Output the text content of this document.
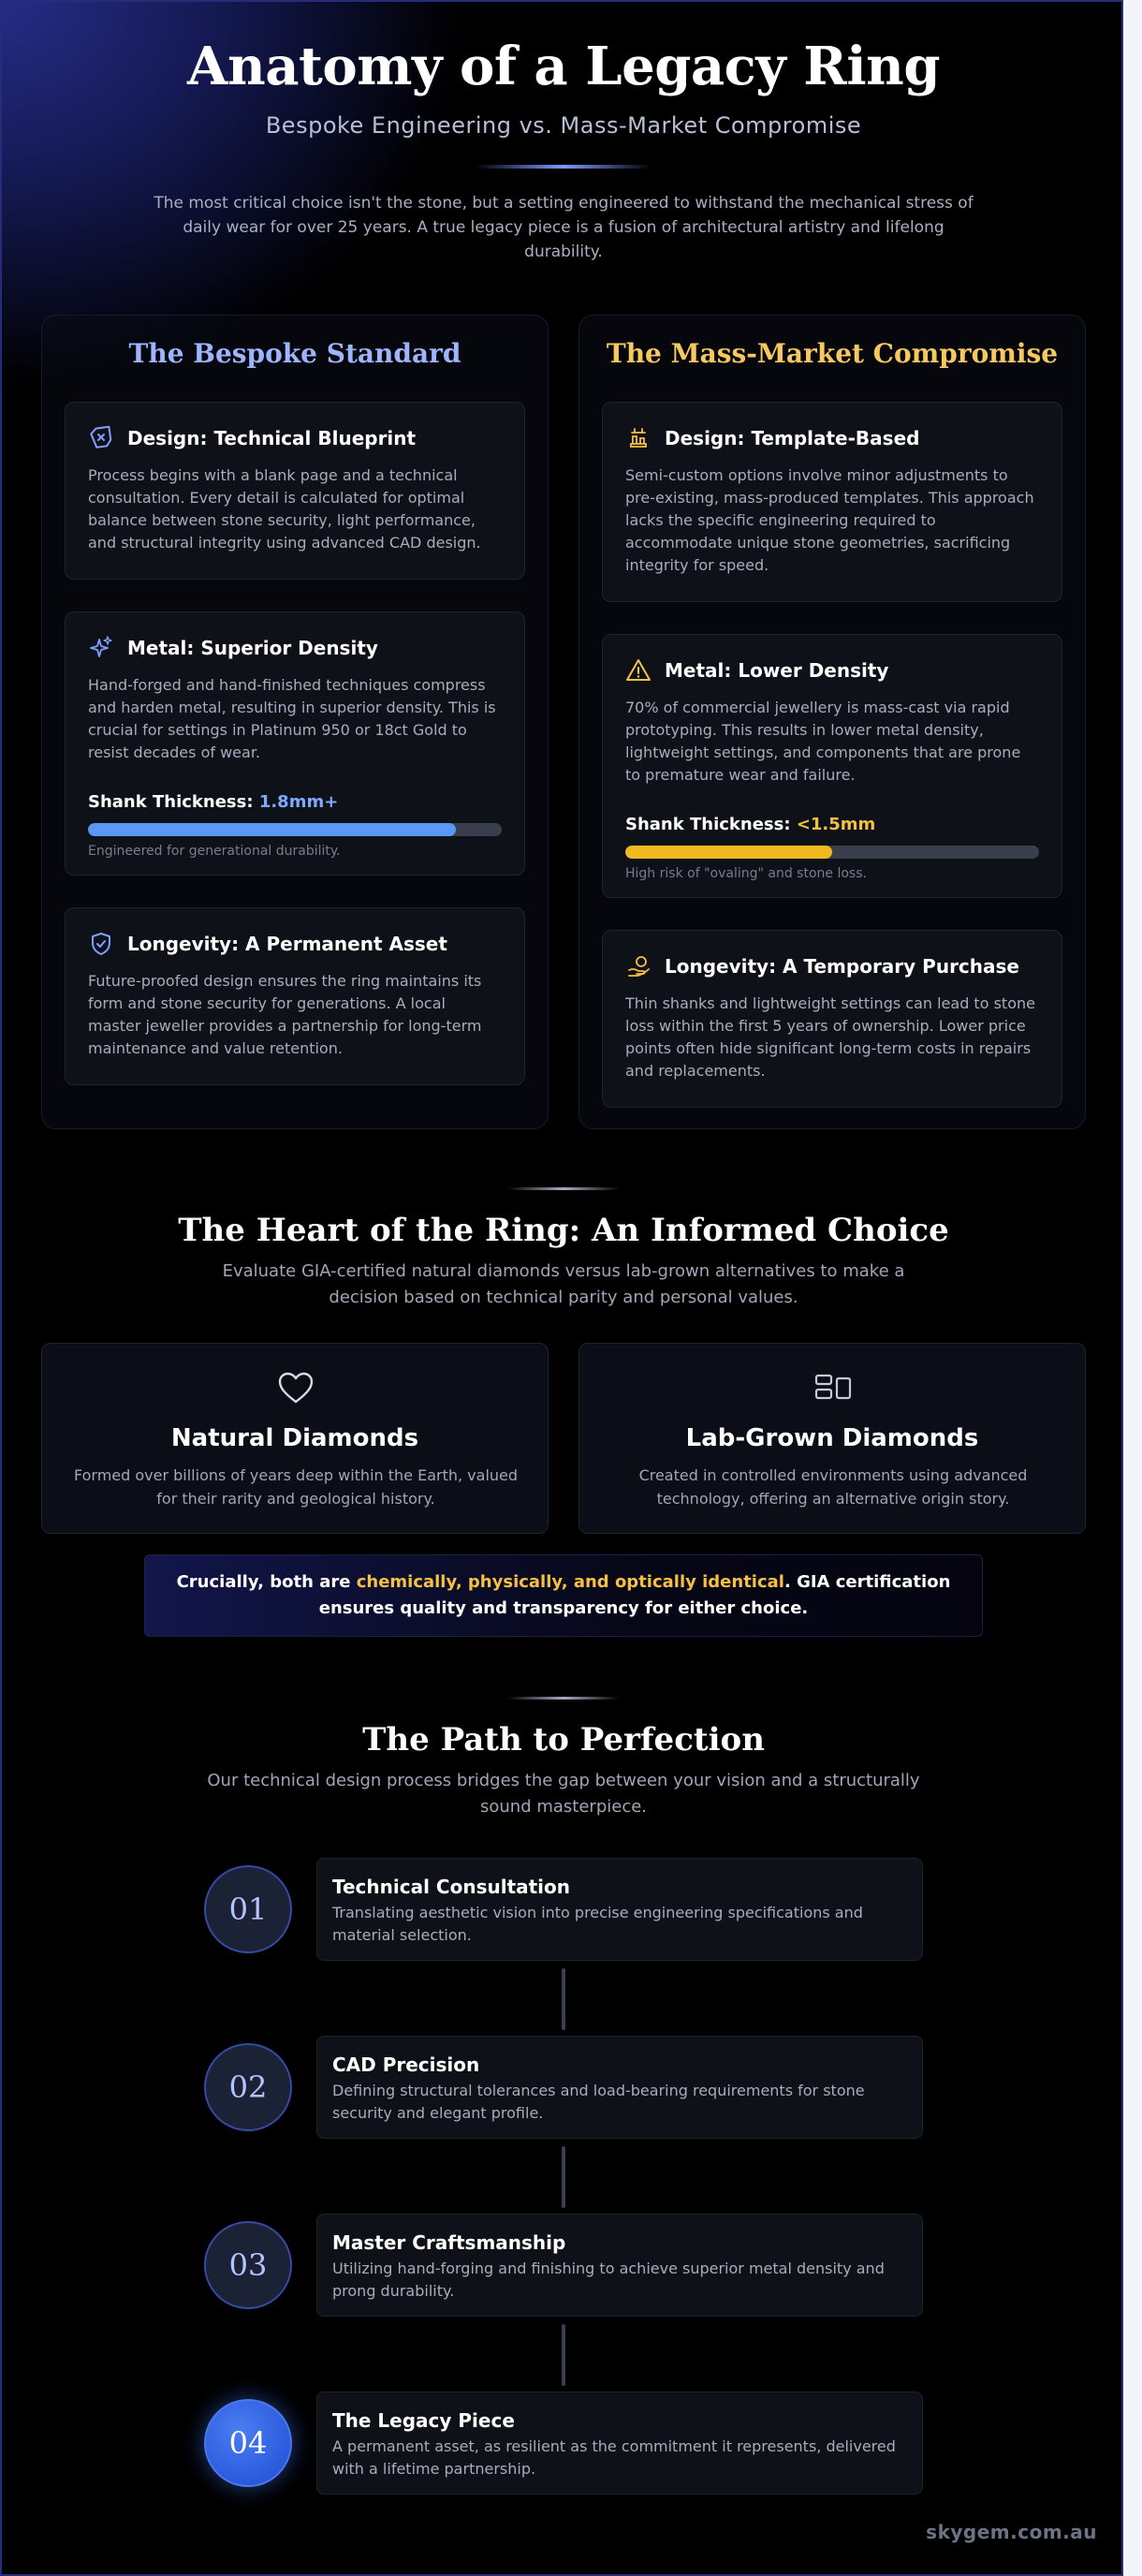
Anatomy of a Legacy Ring
Bespoke Engineering vs. Mass-Market Compromise

The most critical choice isn't the stone, but a setting engineered to withstand the mechanical stress of daily wear for over 25 years. A true legacy piece is a fusion of architectural artistry and lifelong durability.

The Bespoke Standard
Design: Technical Blueprint

Process begins with a blank page and a technical consultation. Every detail is calculated for optimal balance between stone security, light performance, and structural integrity using advanced CAD design.

Metal: Superior Density

Hand-forged and hand-finished techniques compress and harden metal, resulting in superior density. This is crucial for settings in Platinum 950 or 18ct Gold to resist decades of wear.

Shank Thickness: 1.8mm+
Engineered for generational durability.
Longevity: A Permanent Asset

Future-proofed design ensures the ring maintains its form and stone security for generations. A local master jeweller provides a partnership for long-term maintenance and value retention.

The Mass-Market Compromise
Design: Template-Based

Semi-custom options involve minor adjustments to pre-existing, mass-produced templates. This approach lacks the specific engineering required to accommodate unique stone geometries, sacrificing integrity for speed.

Metal: Lower Density

70% of commercial jewellery is mass-cast via rapid prototyping. This results in lower metal density, lightweight settings, and components that are prone to premature wear and failure.

Shank Thickness: <1.5mm
High risk of "ovaling" and stone loss.
Longevity: A Temporary Purchase

Thin shanks and lightweight settings can lead to stone loss within the first 5 years of ownership. Lower price points often hide significant long-term costs in repairs and replacements.

The Heart of the Ring: An Informed Choice

Evaluate GIA-certified natural diamonds versus lab-grown alternatives to make a decision based on technical parity and personal values.

Natural Diamonds

Formed over billions of years deep within the Earth, valued for their rarity and geological history.

Lab-Grown Diamonds

Created in controlled environments using advanced technology, offering an alternative origin story.

Crucially, both are chemically, physically, and optically identical. GIA certification ensures quality and transparency for either choice.

The Path to Perfection

Our technical design process bridges the gap between your vision and a structurally sound masterpiece.

01
Technical Consultation

Translating aesthetic vision into precise engineering specifications and material selection.

02
CAD Precision

Defining structural tolerances and load-bearing requirements for stone security and elegant profile.

03
Master Craftsmanship

Utilizing hand-forging and finishing to achieve superior metal density and prong durability.

04
The Legacy Piece

A permanent asset, as resilient as the commitment it represents, delivered with a lifetime partnership.

skygem.com.au
